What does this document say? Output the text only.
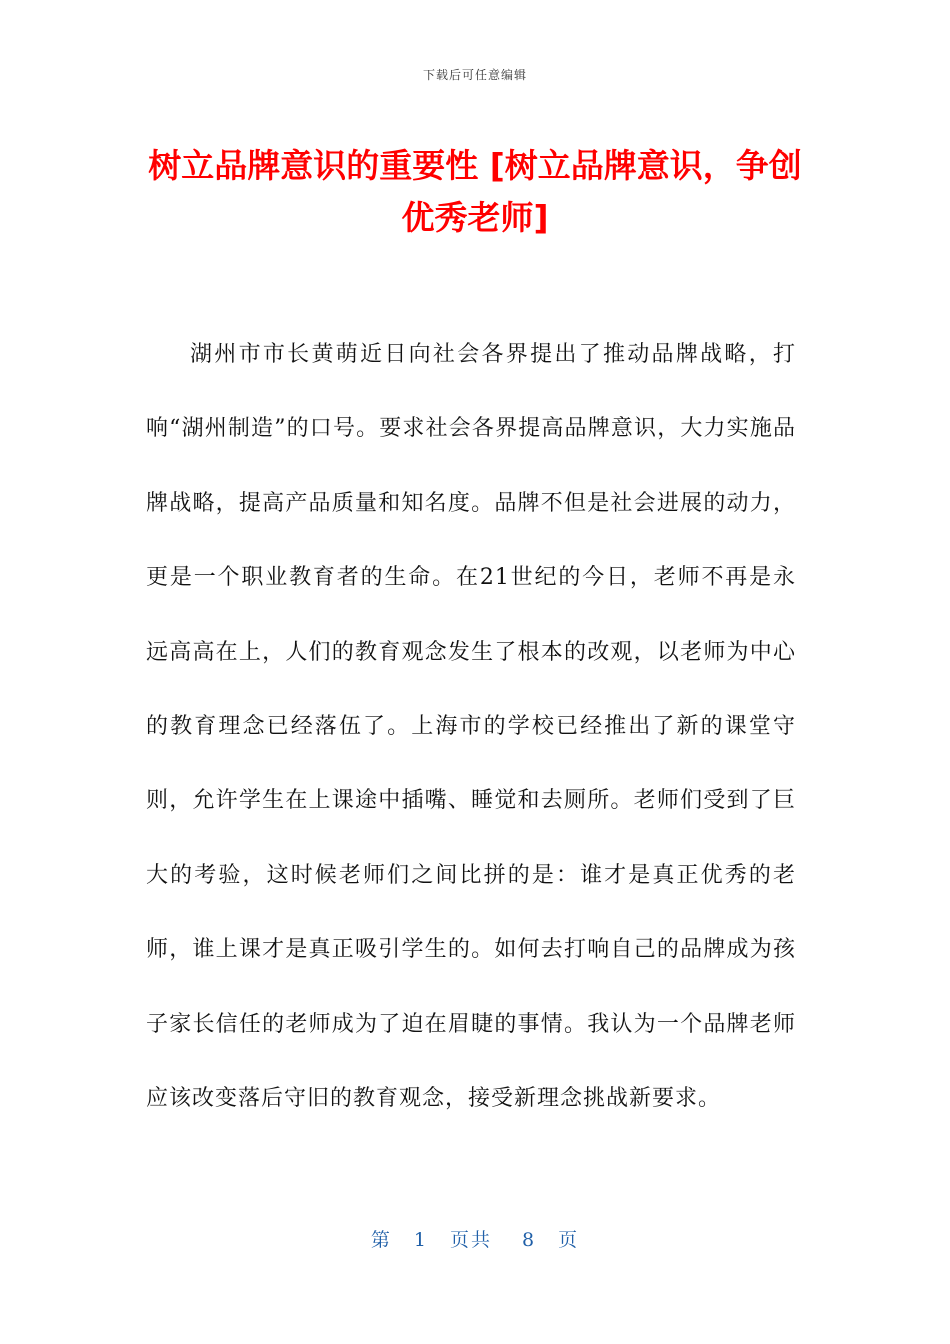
下载后可任意编辑
树立品牌意识的重要性 [树立品牌意识，争创优秀老师]

湖州市市长黄萌近日向社会各界提出了推动品牌战略，打响“湖州制造”的口号。要求社会各界提高品牌意识，大力实施品牌战略，提高产品质量和知名度。品牌不但是社会进展的动力，更是一个职业教育者的生命。在21世纪的今日，老师不再是永远高高在上，人们的教育观念发生了根本的改观，以老师为中心的教育理念已经落伍了。上海市的学校已经推出了新的课堂守则，允许学生在上课途中插嘴、睡觉和去厕所。老师们受到了巨大的考验，这时候老师们之间比拼的是：谁才是真正优秀的老师，谁上课才是真正吸引学生的。如何去打响自己的品牌成为孩子家长信任的老师成为了迫在眉睫的事情。我认为一个品牌老师应该改变落后守旧的教育观念，接受新理念挑战新要求。

第 1 页共 8 页
